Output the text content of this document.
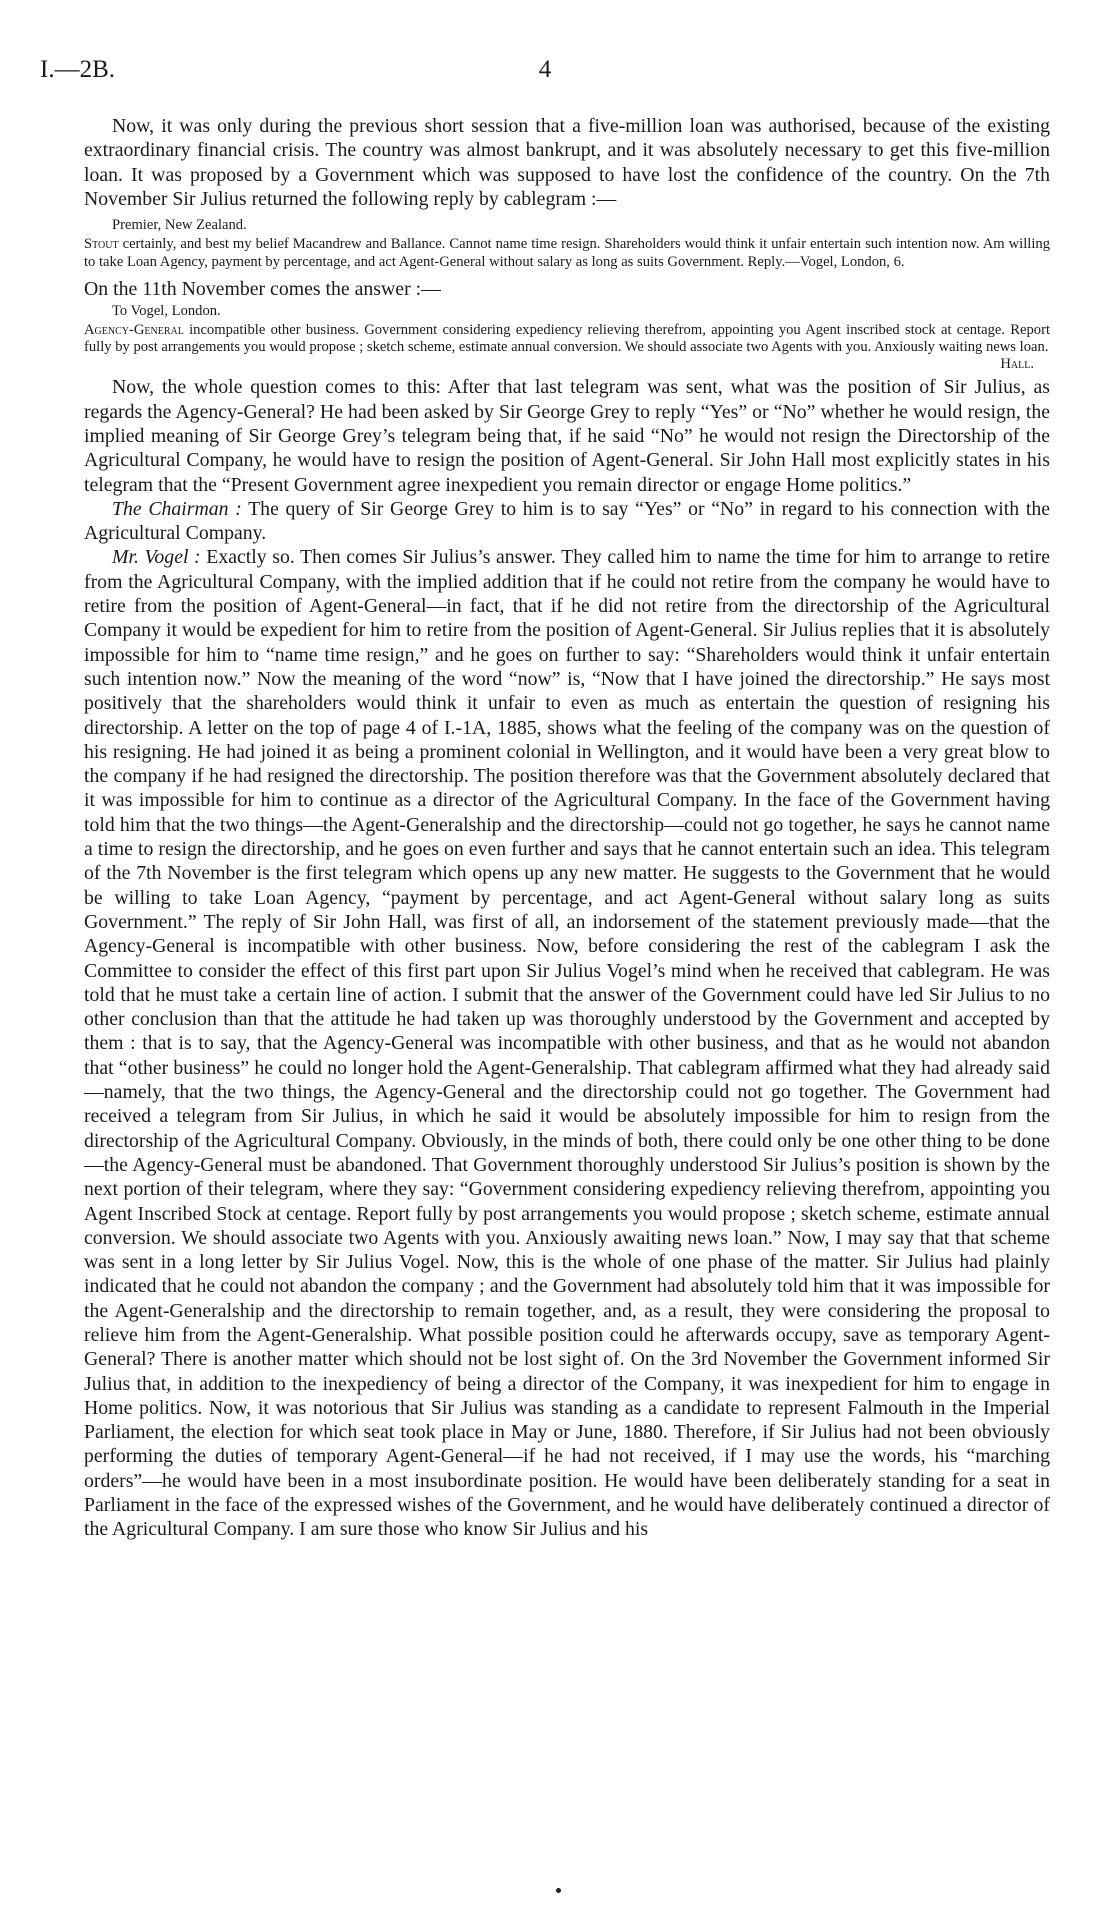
I.—2B.	4

Now, it was only during the previous short session that a five-million loan was authorised, because of the existing extraordinary financial crisis. The country was almost bankrupt, and it was absolutely necessary to get this five-million loan. It was proposed by a Government which was supposed to have lost the confidence of the country. On the 7th November Sir Julius returned the following reply by cablegram :—

Premier, New Zealand.

Stout certainly, and best my belief Macandrew and Ballance. Cannot name time resign. Shareholders would think it unfair entertain such intention now. Am willing to take Loan Agency, payment by percentage, and act Agent-General without salary as long as suits Government. Reply.—Vogel, London, 6.

On the 11th November comes the answer :—

To Vogel, London.

Agency-General incompatible other business. Government considering expediency relieving therefrom, appointing you Agent inscribed stock at centage. Report fully by post arrangements you would propose ; sketch scheme, estimate annual conversion. We should associate two Agents with you. Anxiously waiting news loan.

Hall.

Now, the whole question comes to this: After that last telegram was sent, what was the position of Sir Julius, as regards the Agency-General? He had been asked by Sir George Grey to reply “Yes” or “No” whether he would resign, the implied meaning of Sir George Grey’s telegram being that, if he said “No” he would not resign the Directorship of the Agricultural Company, he would have to resign the position of Agent-General. Sir John Hall most explicitly states in his telegram that the “Present Government agree inexpedient you remain director or engage Home politics.”

The Chairman : The query of Sir George Grey to him is to say “Yes” or “No” in regard to his connection with the Agricultural Company.

Mr. Vogel : Exactly so. Then comes Sir Julius’s answer. They called him to name the time for him to arrange to retire from the Agricultural Company, with the implied addition that if he could not retire from the company he would have to retire from the position of Agent-General—in fact, that if he did not retire from the directorship of the Agricultural Company it would be expedient for him to retire from the position of Agent-General. Sir Julius replies that it is absolutely impossible for him to “name time resign,” and he goes on further to say: “Shareholders would think it unfair entertain such intention now.” Now the meaning of the word “now” is, “Now that I have joined the directorship.” He says most positively that the shareholders would think it unfair to even as much as entertain the question of resigning his directorship. A letter on the top of page 4 of I.-1A, 1885, shows what the feeling of the company was on the question of his resigning. He had joined it as being a prominent colonial in Wellington, and it would have been a very great blow to the company if he had resigned the directorship. The position therefore was that the Government absolutely declared that it was impossible for him to continue as a director of the Agricultural Company. In the face of the Government having told him that the two things—the Agent-Generalship and the directorship—could not go together, he says he cannot name a time to resign the directorship, and he goes on even further and says that he cannot entertain such an idea. This telegram of the 7th November is the first telegram which opens up any new matter. He suggests to the Government that he would be willing to take Loan Agency, “payment by percentage, and act Agent-General without salary long as suits Government.” The reply of Sir John Hall, was first of all, an indorsement of the statement previously made—that the Agency-General is incompatible with other business. Now, before considering the rest of the cablegram I ask the Committee to consider the effect of this first part upon Sir Julius Vogel’s mind when he received that cablegram. He was told that he must take a certain line of action. I submit that the answer of the Government could have led Sir Julius to no other conclusion than that the attitude he had taken up was thoroughly understood by the Government and accepted by them : that is to say, that the Agency-General was incompatible with other business, and that as he would not abandon that “other business” he could no longer hold the Agent-Generalship. That cablegram affirmed what they had already said—namely, that the two things, the Agency-General and the directorship could not go together. The Government had received a telegram from Sir Julius, in which he said it would be absolutely impossible for him to resign from the directorship of the Agricultural Company. Obviously, in the minds of both, there could only be one other thing to be done—the Agency-General must be abandoned. That Government thoroughly understood Sir Julius’s position is shown by the next portion of their telegram, where they say: “Government considering expediency relieving therefrom, appointing you Agent Inscribed Stock at centage. Report fully by post arrangements you would propose ; sketch scheme, estimate annual conversion. We should associate two Agents with you. Anxiously awaiting news loan.” Now, I may say that that scheme was sent in a long letter by Sir Julius Vogel. Now, this is the whole of one phase of the matter. Sir Julius had plainly indicated that he could not abandon the company ; and the Government had absolutely told him that it was impossible for the Agent-Generalship and the directorship to remain together, and, as a result, they were considering the proposal to relieve him from the Agent-Generalship. What possible position could he afterwards occupy, save as temporary Agent-General? There is another matter which should not be lost sight of. On the 3rd November the Government informed Sir Julius that, in addition to the inexpediency of being a director of the Company, it was inexpedient for him to engage in Home politics. Now, it was notorious that Sir Julius was standing as a candidate to represent Falmouth in the Imperial Parliament, the election for which seat took place in May or June, 1880. Therefore, if Sir Julius had not been obviously performing the duties of temporary Agent-General—if he had not received, if I may use the words, his “marching orders”—he would have been in a most insubordinate position. He would have been deliberately standing for a seat in Parliament in the face of the expressed wishes of the Government, and he would have deliberately continued a director of the Agricultural Company. I am sure those who know Sir Julius and his
